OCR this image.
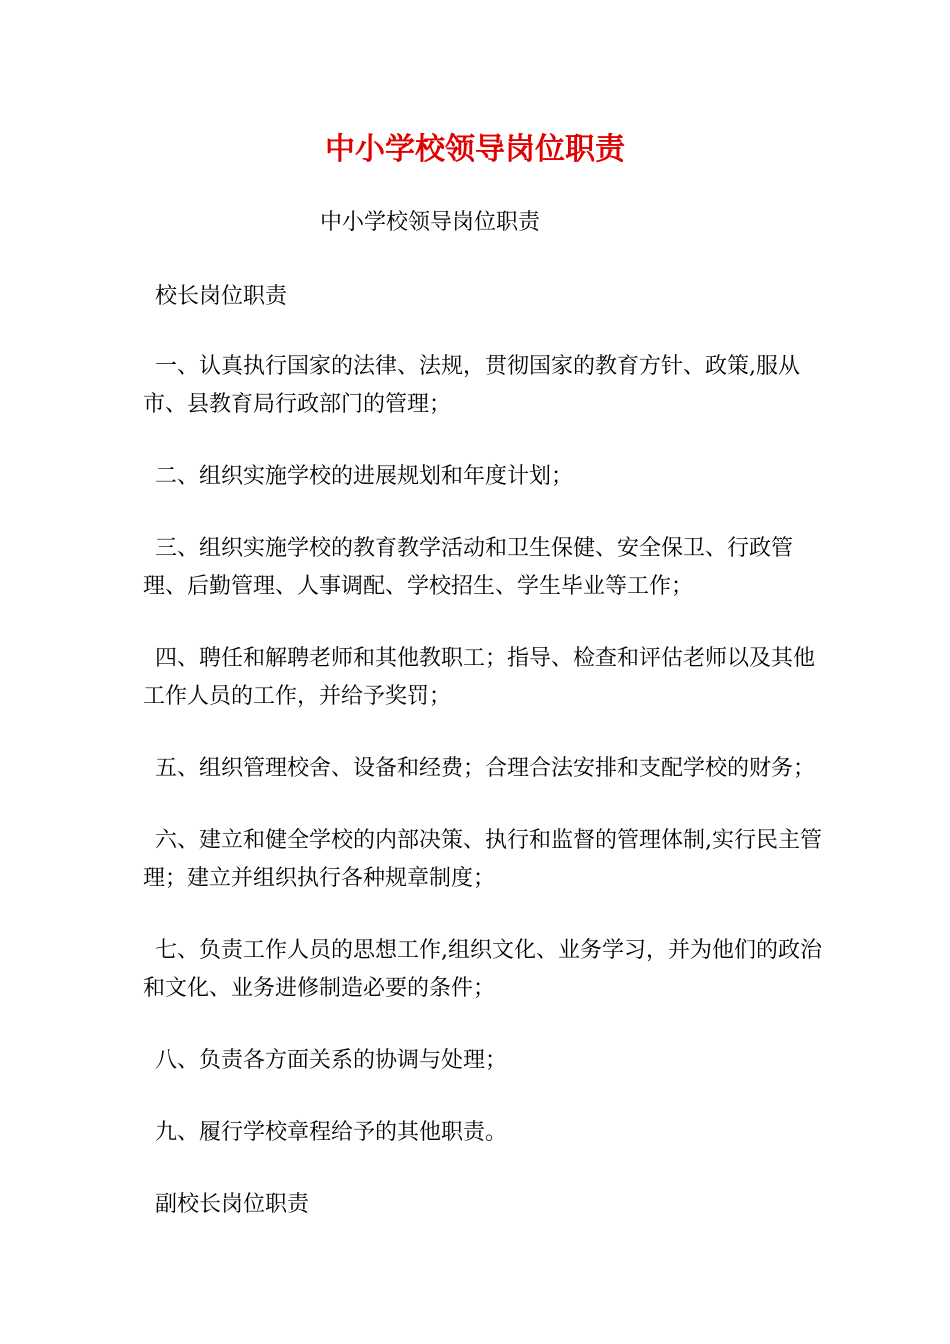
中小学校领导岗位职责
中小学校领导岗位职责
校长岗位职责
一、认真执行国家的法律、法规，贯彻国家的教育方针、政策,服从市、县教育局行政部门的管理；
二、组织实施学校的进展规划和年度计划；
三、组织实施学校的教育教学活动和卫生保健、安全保卫、行政管理、后勤管理、人事调配、学校招生、学生毕业等工作；
四、聘任和解聘老师和其他教职工；指导、检查和评估老师以及其他工作人员的工作，并给予奖罚；
五、组织管理校舍、设备和经费；合理合法安排和支配学校的财务；
六、建立和健全学校的内部决策、执行和监督的管理体制,实行民主管理；建立并组织执行各种规章制度；
七、负责工作人员的思想工作,组织文化、业务学习，并为他们的政治和文化、业务进修制造必要的条件；
八、负责各方面关系的协调与处理；
九、履行学校章程给予的其他职责。
副校长岗位职责
